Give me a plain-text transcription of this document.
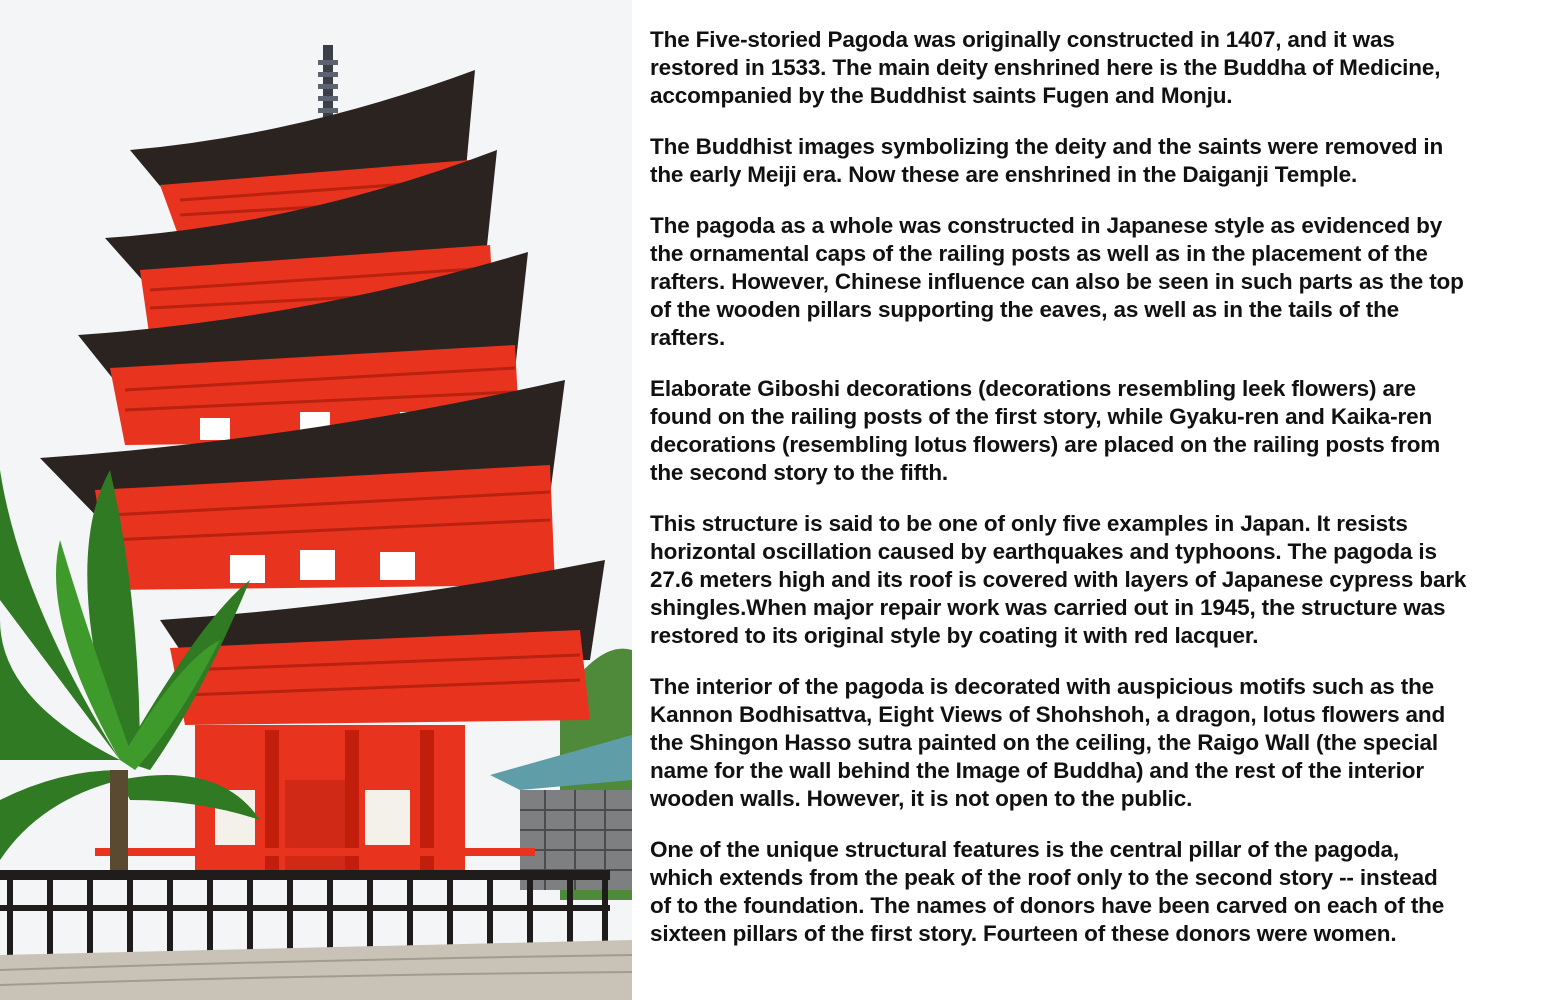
The Five-storied Pagoda was originally constructed in 1407, and it was
restored in 1533. The main deity enshrined here is the Buddha of Medicine,
accompanied by the Buddhist saints Fugen and Monju.

The Buddhist images symbolizing the deity and the saints were removed in
the early Meiji era. Now these are enshrined in the Daiganji Temple.

The pagoda as a whole was constructed in Japanese style as evidenced by
the ornamental caps of the railing posts as well as in the placement of the
rafters. However, Chinese influence can also be seen in such parts as the top
of the wooden pillars supporting the eaves, as well as in the tails of the
rafters.

Elaborate Giboshi decorations (decorations resembling leek flowers) are
found on the railing posts of the first story, while Gyaku-ren and Kaika-ren
decorations (resembling lotus flowers) are placed on the railing posts from
the second story to the fifth.

This structure is said to be one of only five examples in Japan. It resists
horizontal oscillation caused by earthquakes and typhoons. The pagoda is
27.6 meters high and its roof is covered with layers of Japanese cypress bark
shingles.When major repair work was carried out in 1945, the structure was
restored to its original style by coating it with red lacquer.

The interior of the pagoda is decorated with auspicious motifs such as the
Kannon Bodhisattva, Eight Views of Shohshoh, a dragon, lotus flowers and
the Shingon Hasso sutra painted on the ceiling, the Raigo Wall (the special
name for the wall behind the Image of Buddha) and the rest of the interior
wooden walls. However, it is not open to the public.

One of the unique structural features is the central pillar of the pagoda,
which extends from the peak of the roof only to the second story -- instead
of to the foundation. The names of donors have been carved on each of the
sixteen pillars of the first story. Fourteen of these donors were women.
